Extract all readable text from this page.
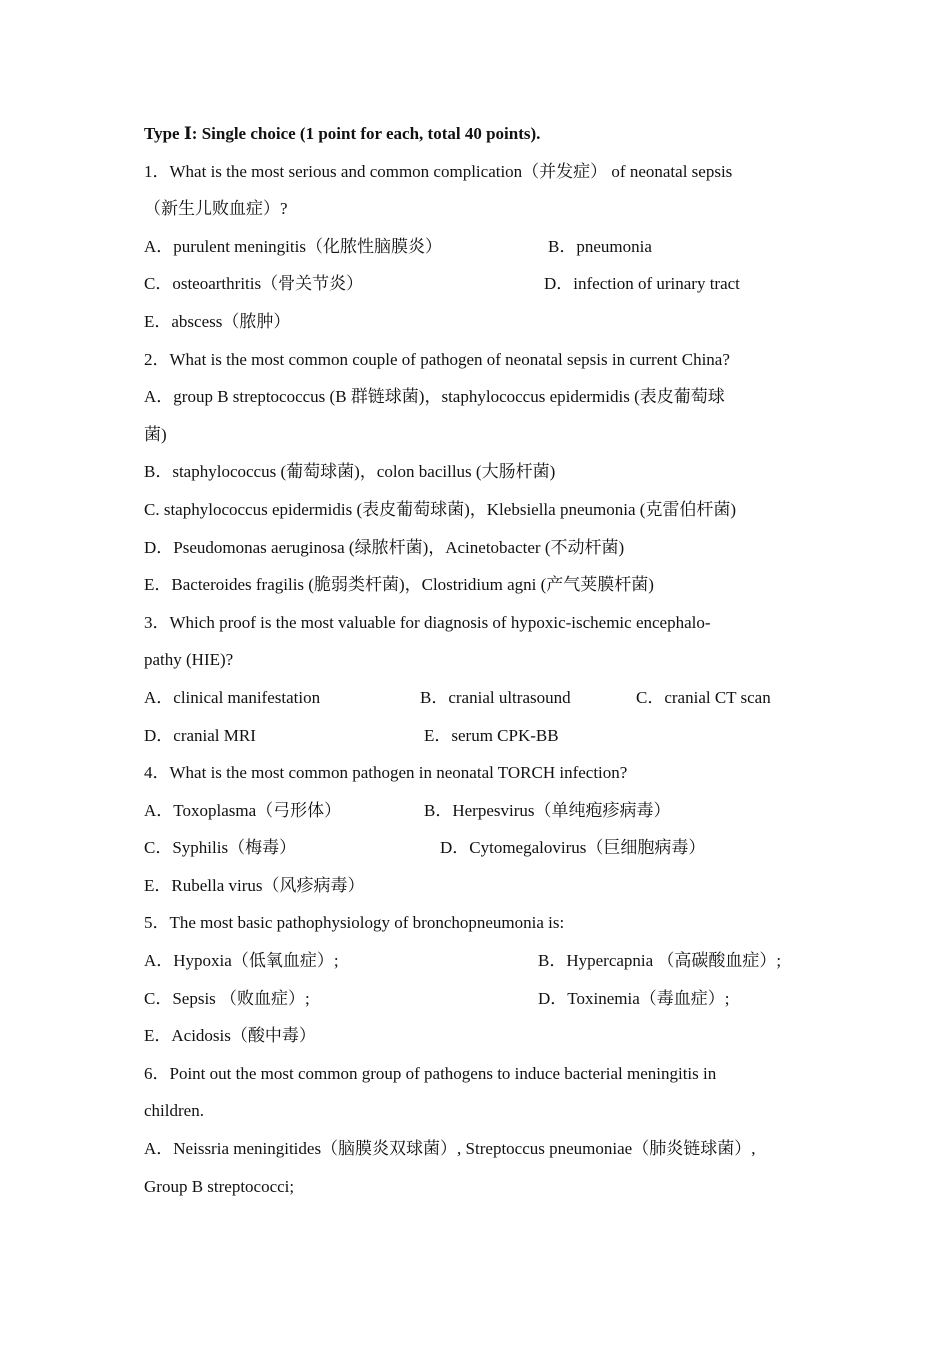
Type Ⅰ: Single choice (1 point for each, total 40 points).
1．What is the most serious and common complication（并发症） of neonatal sepsis
（新生儿败血症）?
A．purulent meningitis（化脓性脑膜炎）	B．pneumonia
C．osteoarthritis（骨关节炎）	D．infection of urinary tract
E．abscess（脓肿）
2．What is the most common couple of pathogen of neonatal sepsis in current China?
A．group B streptococcus (B 群链球菌)，staphylococcus epidermidis (表皮葡萄球
菌)
B．staphylococcus (葡萄球菌)，colon bacillus (大肠杆菌)
C. staphylococcus epidermidis (表皮葡萄球菌)，Klebsiella pneumonia (克雷伯杆菌)
D．Pseudomonas aeruginosa (绿脓杆菌)，Acinetobacter (不动杆菌)
E．Bacteroides fragilis (脆弱类杆菌)，Clostridium agni (产气荚膜杆菌)
3．Which proof is the most valuable for diagnosis of hypoxic-ischemic encephalo-
pathy (HIE)?
A．clinical manifestation	B．cranial ultrasound	C．cranial CT scan
D．cranial MRI	E．serum CPK-BB
4．What is the most common pathogen in neonatal TORCH infection?
A．Toxoplasma（弓形体）	B．Herpesvirus（单纯疱疹病毒）
C．Syphilis（梅毒）	D．Cytomegalovirus（巨细胞病毒）
E．Rubella virus（风疹病毒）
5．The most basic pathophysiology of bronchopneumonia is:
A．Hypoxia（低氧血症）;	B．Hypercapnia （高碳酸血症）;
C．Sepsis （败血症）;	D．Toxinemia（毒血症）;
E．Acidosis（酸中毒）
6．Point out the most common group of pathogens to induce bacterial meningitis in
children.
A．Neissria meningitides（脑膜炎双球菌）, Streptoccus pneumoniae（肺炎链球菌）,
Group B streptococci;
